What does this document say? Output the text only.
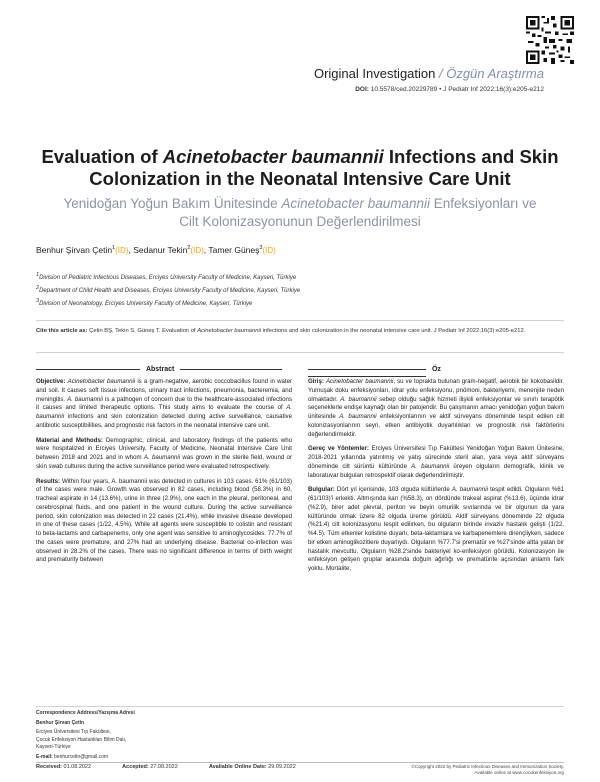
Original Investigation / Özgün Araştırma
DOI: 10.5578/ced.20229789 • J Pediatr Inf 2022;16(3):e205-e212
Evaluation of Acinetobacter baumannii Infections and Skin
Colonization in the Neonatal Intensive Care Unit
Yenidoğan Yoğun Bakım Ünitesinde Acinetobacter baumannii Enfeksiyonları ve
Cilt Kolonizasyonunun Değerlendirilmesi
Benhur Şirvan Çetin$^1$(İD), Sedanur Tekin$^2$(İD), Tamer Güneş$^3$(İD)
1Division of Pediatric Infectious Diseases, Erciyes University Faculty of Medicine, Kayseri, Türkiye
2Department of Child Health and Diseases, Erciyes University Faculty of Medicine, Kayseri, Türkiye
3Division of Neonatology, Erciyes University Faculty of Medicine, Kayseri, Türkiye
Cite this article as: Çetin BŞ, Tekin S, Güneş T. Evaluation of Acinetobacter baumannii infections and skin colonization in the neonatal intensive care unit. J Pediatr Inf 2022;16(3):e205-e212.
Abstract	Öz

Objective: Acinetobacter baumannii is a gram-negative, aerobic coccobacillus found in water and soil. It causes soft tissue infections, urinary tract infections, pneumonia, bacteremia, and meningitis. A. baumannii is a pathogen of concern due to the healthcare-associated infections it causes and limited therapeutic options. This study aims to evaluate the course of A. baumannii infections and skin colonization detected during active surveillance, causative antibiotic susceptibilities, and prognostic risk factors in the neonatal intensive care unit.

Material and Methods: Demographic, clinical, and laboratory findings of the patients who were hospitalized in Erciyes University, Faculty of Medicine, Neonatal Intensive Care Unit between 2018 and 2021 and in whom A. baumannii was grown in the sterile field, wound or skin swab cultures during the active surveillance period were evaluated retrospectively.

Results: Within four years, A. baumannii was detected in cultures in 103 cases. 61% (61/103) of the cases were male. Growth was observed in 82 cases, including blood (58.3%) in 60, tracheal aspirate in 14 (13.6%), urine in three (2.9%), one each in the pleural, peritoneal, and cerebrospinal fluids, and one patient in the wound culture. During the active surveillance period, skin colonization was detected in 22 cases (21.4%), while invasive disease developed in one of these cases (1/22, 4.5%). While all agents were susceptible to colistin and resistant to beta-lactams and carbapenems, only one agent was sensitive to aminoglycosides. 77.7% of the cases were premature, and 27% had an underlying disease. Bacterial co-infection was observed in 28.2% of the cases. There was no significant difference in terms of birth weight and prematurity between

Giriş: Acinetobacter baumannii, su ve toprakta bulunan gram-negatif, aerobik bir kokobasildir. Yumuşak doku enfeksiyonları, idrar yolu enfeksiyonu, pnömoni, bakteriyemi, menenjite neden olmaktadır. A. baumannii sebep olduğu sağlık hizmeti ilişkili enfeksiyonlar ve sınırlı terapötik seçeneklerle endişe kaynağı olan bir patojendir. Bu çalışmanın amacı yenidoğan yoğun bakım ünitesinde A. baumannii enfeksiyonlarının ve aktif sürveyans döneminde tespit edilen cilt kolonizasyonlarının seyri, etken antibiyotik duyarlılıkları ve prognostik risk faktörlerini değerlendirmektir.

Gereç ve Yöntemler: Erciyes Üniversitesi Tıp Fakültesi Yenidoğan Yoğun Bakım Ünitesine, 2018-2021 yıllarında yatırılmış ve yatış sürecinde steril alan, yara veya aktif sürveyans döneminde cilt sürüntü kültüründe A. baumannii üreyen olguların demografik, klinik ve laboratuvar bulguları retrospektif olarak değerlendirilmiştir.

Bulgular: Dört yıl içerisinde, 103 olguda kültürlerde A. baumannii tespit edildi. Olguların %61 (61/103)'i erkekti. Altmışında kan (%58.3), on dördünde trakeal aspirat (%13.6), üçünde idrar (%2.9), birer adet plevral, periton ve beyin omurilik sıvılarında ve bir olgunun da yara kültüründe olmak üzere 82 olguda üreme görüldü. Aktif sürveyans döneminde 22 olguda (%21.4) cilt kolonizasyonu tespit edilirken, bu olguların birinde invaziv hastalık gelişti (1/22, %4.5). Tüm etkenler kolistine duyarlı, beta-laktamlara ve karbapenemlere dirençliyken, sadece bir etken aminoglikozitlere duyarlıydı. Olguların %77.7'si prematür ve %27'sinde altta yatan bir hastalık mevcuttu. Olguların %28.2'sinde bakteriyel ko-enfeksiyon görüldü. Kolonizasyon ile enfeksiyon gelişen gruplar arasında doğum ağırlığı ve prematürite açısından anlamlı fark yoktu. Mortalite,

Correspondence Address/Yazışma Adresi
Benhur Şirvan Çetin
Erciyes Üniversitesi Tıp Fakültesi,
Çocuk Enfeksiyon Hastalıkları Bilim Dalı,
Kayseri-Türkiye
E-mail: benhurcetin@gmail.com
Received: 01.08.2022	Accepted: 27.08.2022	Available Online Date: 29.09.2022	©Copyright 2022 by Pediatric Infectious Diseases and Immunization Society.
Available online at www.cocukenfeksiyon.org
